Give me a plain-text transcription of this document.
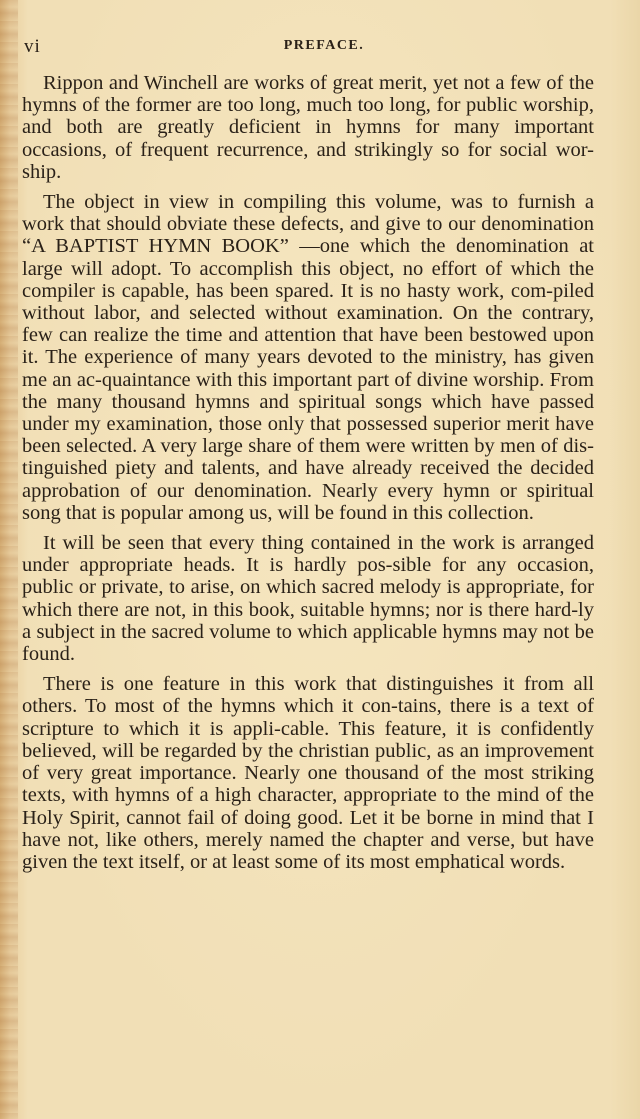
vi	PREFACE.

Rippon and Winchell are works of great merit, yet not a few of the hymns of the former are too long, much too long, for public worship, and both are greatly deficient in hymns for many important occasions, of frequent recurrence, and strikingly so for social wor-ship.

The object in view in compiling this volume, was to furnish a work that should obviate these defects, and give to our denomination “A BAPTIST HYMN BOOK” —one which the denomination at large will adopt. To accomplish this object, no effort of which the compiler is capable, has been spared. It is no hasty work, com-piled without labor, and selected without examination. On the contrary, few can realize the time and attention that have been bestowed upon it. The experience of many years devoted to the ministry, has given me an ac-quaintance with this important part of divine worship. From the many thousand hymns and spiritual songs which have passed under my examination, those only that possessed superior merit have been selected. A very large share of them were written by men of dis-tinguished piety and talents, and have already received the decided approbation of our denomination. Nearly every hymn or spiritual song that is popular among us, will be found in this collection.

It will be seen that every thing contained in the work is arranged under appropriate heads. It is hardly pos-sible for any occasion, public or private, to arise, on which sacred melody is appropriate, for which there are not, in this book, suitable hymns; nor is there hard-ly a subject in the sacred volume to which applicable hymns may not be found.

There is one feature in this work that distinguishes it from all others. To most of the hymns which it con-tains, there is a text of scripture to which it is appli-cable. This feature, it is confidently believed, will be regarded by the christian public, as an improvement of very great importance. Nearly one thousand of the most striking texts, with hymns of a high character, appropriate to the mind of the Holy Spirit, cannot fail of doing good. Let it be borne in mind that I have not, like others, merely named the chapter and verse, but have given the text itself, or at least some of its most emphatical words.
